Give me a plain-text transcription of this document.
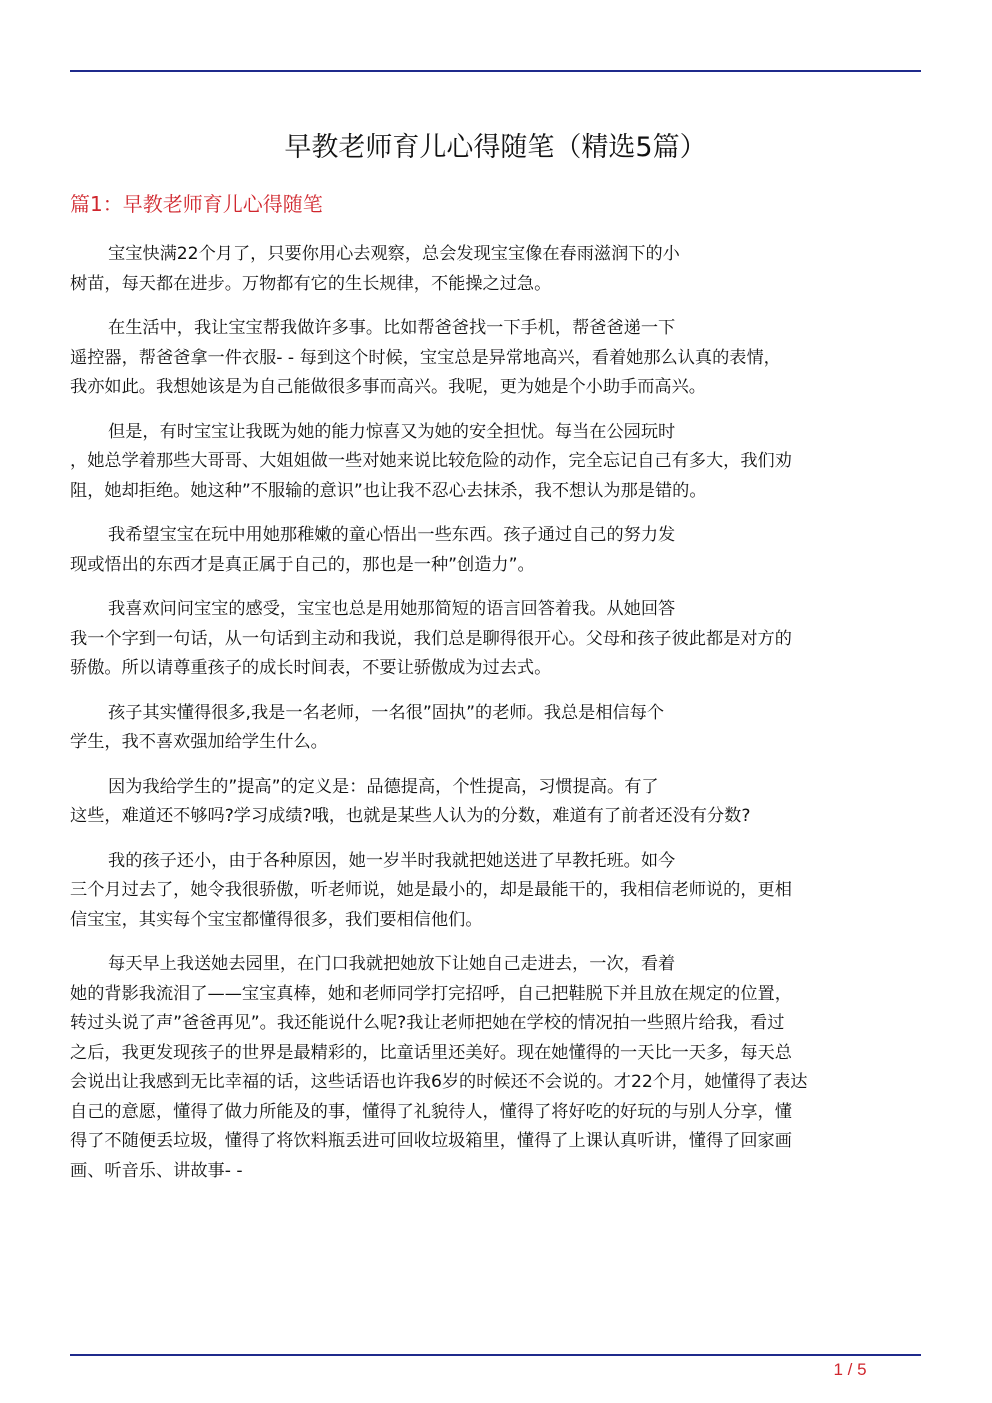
早教老师育儿心得随笔（精选5篇）
篇1：早教老师育儿心得随笔

宝宝快满22个月了，只要你用心去观察，总会发现宝宝像在春雨滋润下的小
树苗，每天都在进步。万物都有它的生长规律，不能操之过急。

在生活中，我让宝宝帮我做许多事。比如帮爸爸找一下手机，帮爸爸递一下
遥控器，帮爸爸拿一件衣服- - 每到这个时候，宝宝总是异常地高兴，看着她那么认真的表情，
我亦如此。我想她该是为自己能做很多事而高兴。我呢，更为她是个小助手而高兴。

但是，有时宝宝让我既为她的能力惊喜又为她的安全担忧。每当在公园玩时
，她总学着那些大哥哥、大姐姐做一些对她来说比较危险的动作，完全忘记自己有多大，我们劝
阻，她却拒绝。她这种”不服输的意识”也让我不忍心去抹杀，我不想认为那是错的。

我希望宝宝在玩中用她那稚嫩的童心悟出一些东西。孩子通过自己的努力发
现或悟出的东西才是真正属于自己的，那也是一种”创造力”。

我喜欢问问宝宝的感受，宝宝也总是用她那简短的语言回答着我。从她回答
我一个字到一句话，从一句话到主动和我说，我们总是聊得很开心。父母和孩子彼此都是对方的
骄傲。所以请尊重孩子的成长时间表，不要让骄傲成为过去式。

孩子其实懂得很多,我是一名老师，一名很”固执”的老师。我总是相信每个
学生，我不喜欢强加给学生什么。

因为我给学生的”提高”的定义是：品德提高，个性提高，习惯提高。有了
这些，难道还不够吗?学习成绩?哦，也就是某些人认为的分数，难道有了前者还没有分数?

我的孩子还小，由于各种原因，她一岁半时我就把她送进了早教托班。如今
三个月过去了，她令我很骄傲，听老师说，她是最小的，却是最能干的，我相信老师说的，更相
信宝宝，其实每个宝宝都懂得很多，我们要相信他们。

每天早上我送她去园里，在门口我就把她放下让她自己走进去，一次，看着
她的背影我流泪了——宝宝真棒，她和老师同学打完招呼，自己把鞋脱下并且放在规定的位置，
转过头说了声”爸爸再见”。我还能说什么呢?我让老师把她在学校的情况拍一些照片给我，看过
之后，我更发现孩子的世界是最精彩的，比童话里还美好。现在她懂得的一天比一天多，每天总
会说出让我感到无比幸福的话，这些话语也许我6岁的时候还不会说的。才22个月，她懂得了表达
自己的意愿，懂得了做力所能及的事，懂得了礼貌待人，懂得了将好吃的好玩的与别人分享，懂
得了不随便丢垃圾，懂得了将饮料瓶丢进可回收垃圾箱里，懂得了上课认真听讲，懂得了回家画
画、听音乐、讲故事- -

1 / 5
